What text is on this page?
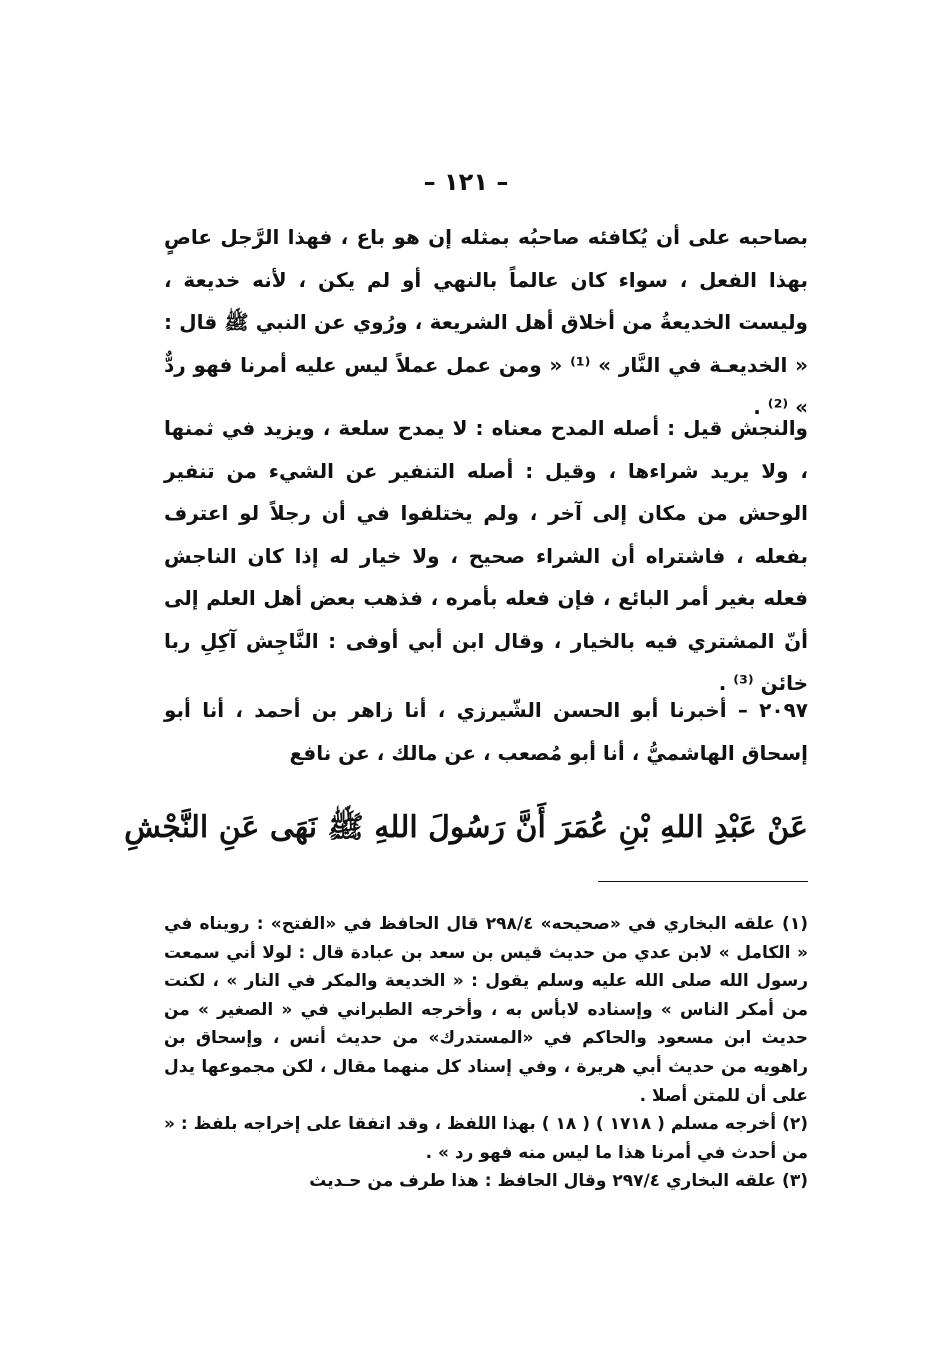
– ١٢١ –

بصاحبه على أن يُكافئه صاحبُه بمثله إن هو باع ، فهذا الرَّجل عاصٍ بهذا الفعل ، سواء كان عالماً بالنهي أو لم يكن ، لأنه خديعة ، وليست الخديعةُ من أخلاق أهل الشريعة ، ورُوي عن النبي ﷺ قال : « الخديعـة في النَّار » ⁽¹⁾ « ومن عمل عملاً ليس عليه أمرنا فهو ردٌّ » ⁽²⁾ .

والنجش قيل : أصله المدح معناه : لا يمدح سلعة ، ويزيد في ثمنها ، ولا يريد شراءها ، وقيل : أصله التنفير عن الشيء من تنفير الوحش من مكان إلى آخر ، ولم يختلفوا في أن رجلاً لو اعترف بفعله ، فاشتراه أن الشراء صحيح ، ولا خيار له إذا كان الناجش فعله بغير أمر البائع ، فإن فعله بأمره ، فذهب بعض أهل العلم إلى أنّ المشتري فيه بالخيار ، وقال ابن أبي أوفى : النَّاجِش آكِلِ ربا خائن ⁽³⁾ .

٢٠٩٧ – أخبرنا أبو الحسن الشّيرزي ، أنا زاهر بن أحمد ، أنا أبو إسحاق الهاشميُّ ، أنا أبو مُصعب ، عن مالك ، عن نافع

عَنْ عَبْدِ اللهِ بْنِ عُمَرَ أَنَّ رَسُولَ اللهِ ﷺ نَهَى عَنِ النَّجْشِ

(١) علقه البخاري في «صحيحه» ٢٩٨/٤ قال الحافظ في «الفتح» : رويناه في « الكامل » لابن عدي من حديث قيس بن سعد بن عبادة قال : لولا أني سمعت رسول الله صلى الله عليه وسلم يقول : « الخديعة والمكر في النار » ، لكنت من أمكر الناس » وإسناده لابأس به ، وأخرجه الطبراني في « الصغير » من حديث ابن مسعود والحاكم في «المستدرك» من حديث أنس ، وإسحاق بن راهويه من حديث أبي هريرة ، وفي إسناد كل منهما مقال ، لكن مجموعها يدل على أن للمتن أصلا .

(٢) أخرجه مسلم ( ١٧١٨ ) ( ١٨ ) بهذا اللفظ ، وقد اتفقا على إخراجه بلفظ : « من أحدث في أمرنا هذا ما ليس منه فهو رد » .

(٣) علقه البخاري ٢٩٧/٤ وقال الحافظ : هذا طرف من حـديث
